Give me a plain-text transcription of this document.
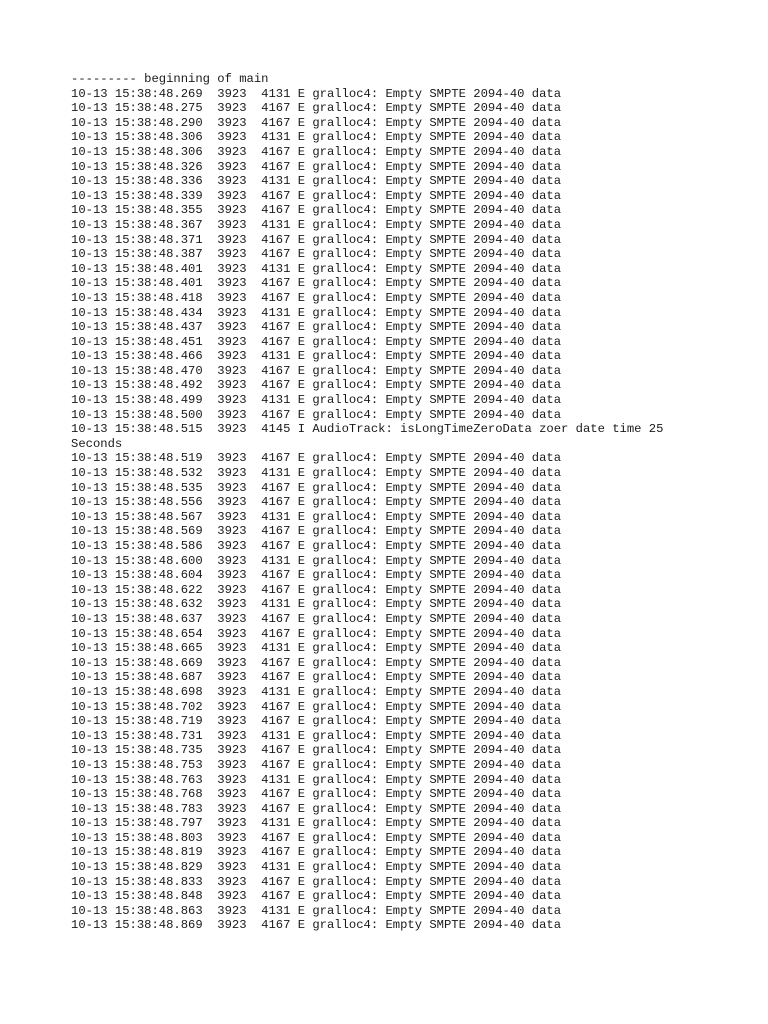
--------- beginning of main
10-13 15:38:48.269  3923  4131 E gralloc4: Empty SMPTE 2094-40 data
10-13 15:38:48.275  3923  4167 E gralloc4: Empty SMPTE 2094-40 data
10-13 15:38:48.290  3923  4167 E gralloc4: Empty SMPTE 2094-40 data
10-13 15:38:48.306  3923  4131 E gralloc4: Empty SMPTE 2094-40 data
10-13 15:38:48.306  3923  4167 E gralloc4: Empty SMPTE 2094-40 data
10-13 15:38:48.326  3923  4167 E gralloc4: Empty SMPTE 2094-40 data
10-13 15:38:48.336  3923  4131 E gralloc4: Empty SMPTE 2094-40 data
10-13 15:38:48.339  3923  4167 E gralloc4: Empty SMPTE 2094-40 data
10-13 15:38:48.355  3923  4167 E gralloc4: Empty SMPTE 2094-40 data
10-13 15:38:48.367  3923  4131 E gralloc4: Empty SMPTE 2094-40 data
10-13 15:38:48.371  3923  4167 E gralloc4: Empty SMPTE 2094-40 data
10-13 15:38:48.387  3923  4167 E gralloc4: Empty SMPTE 2094-40 data
10-13 15:38:48.401  3923  4131 E gralloc4: Empty SMPTE 2094-40 data
10-13 15:38:48.401  3923  4167 E gralloc4: Empty SMPTE 2094-40 data
10-13 15:38:48.418  3923  4167 E gralloc4: Empty SMPTE 2094-40 data
10-13 15:38:48.434  3923  4131 E gralloc4: Empty SMPTE 2094-40 data
10-13 15:38:48.437  3923  4167 E gralloc4: Empty SMPTE 2094-40 data
10-13 15:38:48.451  3923  4167 E gralloc4: Empty SMPTE 2094-40 data
10-13 15:38:48.466  3923  4131 E gralloc4: Empty SMPTE 2094-40 data
10-13 15:38:48.470  3923  4167 E gralloc4: Empty SMPTE 2094-40 data
10-13 15:38:48.492  3923  4167 E gralloc4: Empty SMPTE 2094-40 data
10-13 15:38:48.499  3923  4131 E gralloc4: Empty SMPTE 2094-40 data
10-13 15:38:48.500  3923  4167 E gralloc4: Empty SMPTE 2094-40 data
10-13 15:38:48.515  3923  4145 I AudioTrack: isLongTimeZeroData zoer date time 25
Seconds
10-13 15:38:48.519  3923  4167 E gralloc4: Empty SMPTE 2094-40 data
10-13 15:38:48.532  3923  4131 E gralloc4: Empty SMPTE 2094-40 data
10-13 15:38:48.535  3923  4167 E gralloc4: Empty SMPTE 2094-40 data
10-13 15:38:48.556  3923  4167 E gralloc4: Empty SMPTE 2094-40 data
10-13 15:38:48.567  3923  4131 E gralloc4: Empty SMPTE 2094-40 data
10-13 15:38:48.569  3923  4167 E gralloc4: Empty SMPTE 2094-40 data
10-13 15:38:48.586  3923  4167 E gralloc4: Empty SMPTE 2094-40 data
10-13 15:38:48.600  3923  4131 E gralloc4: Empty SMPTE 2094-40 data
10-13 15:38:48.604  3923  4167 E gralloc4: Empty SMPTE 2094-40 data
10-13 15:38:48.622  3923  4167 E gralloc4: Empty SMPTE 2094-40 data
10-13 15:38:48.632  3923  4131 E gralloc4: Empty SMPTE 2094-40 data
10-13 15:38:48.637  3923  4167 E gralloc4: Empty SMPTE 2094-40 data
10-13 15:38:48.654  3923  4167 E gralloc4: Empty SMPTE 2094-40 data
10-13 15:38:48.665  3923  4131 E gralloc4: Empty SMPTE 2094-40 data
10-13 15:38:48.669  3923  4167 E gralloc4: Empty SMPTE 2094-40 data
10-13 15:38:48.687  3923  4167 E gralloc4: Empty SMPTE 2094-40 data
10-13 15:38:48.698  3923  4131 E gralloc4: Empty SMPTE 2094-40 data
10-13 15:38:48.702  3923  4167 E gralloc4: Empty SMPTE 2094-40 data
10-13 15:38:48.719  3923  4167 E gralloc4: Empty SMPTE 2094-40 data
10-13 15:38:48.731  3923  4131 E gralloc4: Empty SMPTE 2094-40 data
10-13 15:38:48.735  3923  4167 E gralloc4: Empty SMPTE 2094-40 data
10-13 15:38:48.753  3923  4167 E gralloc4: Empty SMPTE 2094-40 data
10-13 15:38:48.763  3923  4131 E gralloc4: Empty SMPTE 2094-40 data
10-13 15:38:48.768  3923  4167 E gralloc4: Empty SMPTE 2094-40 data
10-13 15:38:48.783  3923  4167 E gralloc4: Empty SMPTE 2094-40 data
10-13 15:38:48.797  3923  4131 E gralloc4: Empty SMPTE 2094-40 data
10-13 15:38:48.803  3923  4167 E gralloc4: Empty SMPTE 2094-40 data
10-13 15:38:48.819  3923  4167 E gralloc4: Empty SMPTE 2094-40 data
10-13 15:38:48.829  3923  4131 E gralloc4: Empty SMPTE 2094-40 data
10-13 15:38:48.833  3923  4167 E gralloc4: Empty SMPTE 2094-40 data
10-13 15:38:48.848  3923  4167 E gralloc4: Empty SMPTE 2094-40 data
10-13 15:38:48.863  3923  4131 E gralloc4: Empty SMPTE 2094-40 data
10-13 15:38:48.869  3923  4167 E gralloc4: Empty SMPTE 2094-40 data
